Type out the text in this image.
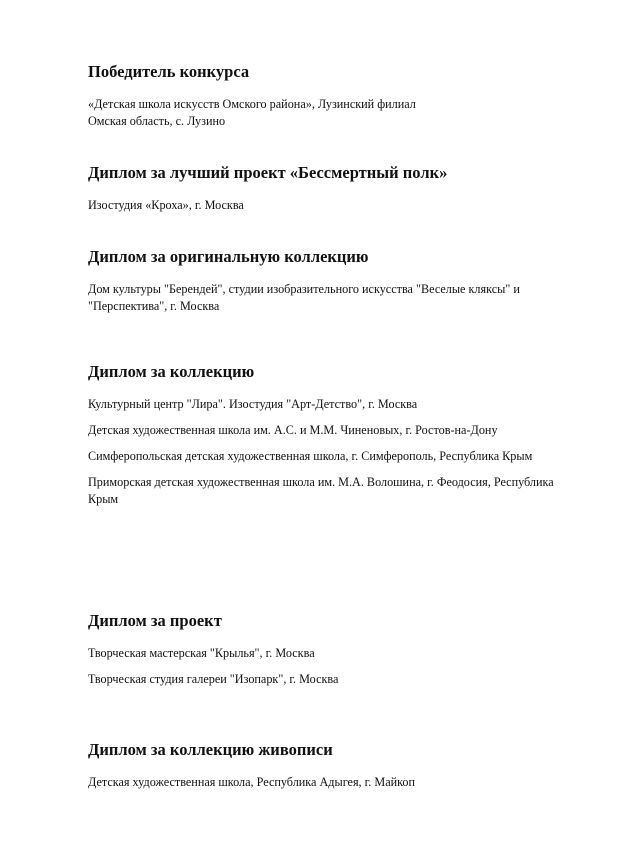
Победитель конкурса

«Детская школа искусств Омского района», Лузинский филиал

Омская область, с. Лузино

Диплом за лучший проект «Бессмертный полк»

Изостудия «Кроха», г. Москва

Диплом за оригинальную коллекцию

Дом культуры "Берендей", студии изобразительного искусства "Веселые кляксы" и "Перспектива", г. Москва

Диплом за коллекцию

Культурный центр "Лира". Изостудия "Арт-Детство", г. Москва

Детская художественная школа им. А.С. и М.М. Чиненовых, г. Ростов-на-Дону

Симферопольская детская художественная школа, г. Симферополь, Республика Крым

Приморская детская художественная школа им. М.А. Волошина, г. Феодосия, Республика Крым

Диплом за проект

Творческая мастерская "Крылья", г. Москва

Творческая студия галереи "Изопарк", г. Москва

Диплом за коллекцию живописи

Детская художественная школа, Республика Адыгея, г. Майкоп
